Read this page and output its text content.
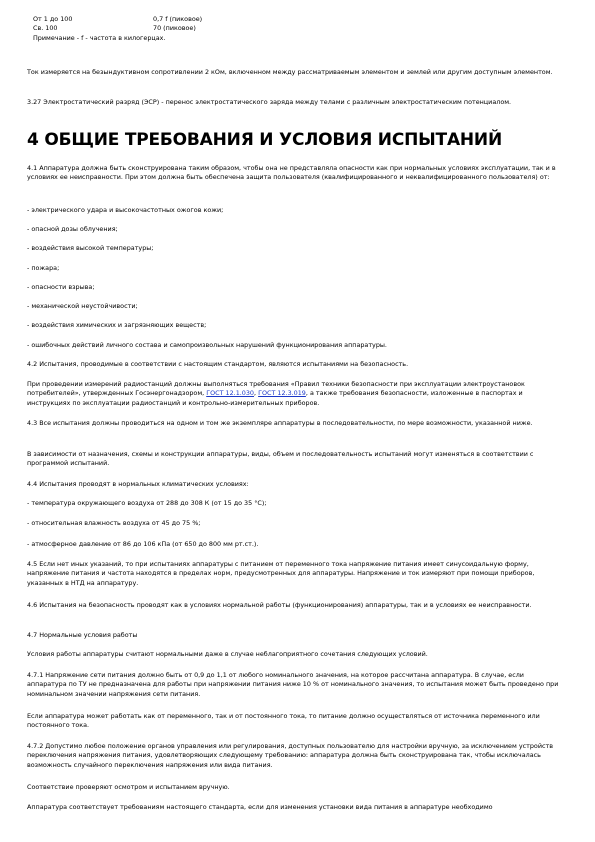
От 1 до 100	0,7 f (пиковое)
Св. 100	70 (пиковое)
Примечание - f - частота в килогерцах.

Ток измеряется на безындуктивном сопротивлении 2 кОм, включенном между рассматриваемым элементом и землей или другим доступным элементом.

3.27 Электростатический разряд (ЭСР) - перенос электростатического заряда между телами с различным электростатическим потенциалом.

4 ОБЩИЕ ТРЕБОВАНИЯ И УСЛОВИЯ ИСПЫТАНИЙ

4.1 Аппаратура должна быть сконструирована таким образом, чтобы она не представляла опасности как при нормальных условиях эксплуатации, так и в условиях ее неисправности. При этом должна быть обеспечена защита пользователя (квалифицированного и неквалифицированного пользователя) от:

- электрического удара и высокочастотных ожогов кожи;

- опасной дозы облучения;

- воздействия высокой температуры;

- пожара;

- опасности взрыва;

- механической неустойчивости;

- воздействия химических и загрязняющих веществ;

- ошибочных действий личного состава и самопроизвольных нарушений функционирования аппаратуры.

4.2 Испытания, проводимые в соответствии с настоящим стандартом, являются испытаниями на безопасность.

При проведении измерений радиостанций должны выполняться требования «Правил техники безопасности при эксплуатации электроустановок потребителей», утвержденных Госэнергонадзором, ГОСТ 12.1.030, ГОСТ 12.3.019, а также требования безопасности, изложенные в паспортах и инструкциях по эксплуатации радиостанций и контрольно-измерительных приборов.

4.3 Все испытания должны проводиться на одном и том же экземпляре аппаратуры в последовательности, по мере возможности, указанной ниже.

В зависимости от назначения, схемы и конструкции аппаратуры, виды, объем и последовательность испытаний могут изменяться в соответствии с программой испытаний.

4.4 Испытания проводят в нормальных климатических условиях:

- температура окружающего воздуха от 288 до 308 К (от 15 до 35 °С);

- относительная влажность воздуха от 45 до 75 %;

- атмосферное давление от 86 до 106 кПа (от 650 до 800 мм рт.ст.).

4.5 Если нет иных указаний, то при испытаниях аппаратуры с питанием от переменного тока напряжение питания имеет синусоидальную форму, напряжение питания и частота находятся в пределах норм, предусмотренных для аппаратуры. Напряжение и ток измеряют при помощи приборов, указанных в НТД на аппаратуру.

4.6 Испытания на безопасность проводят как в условиях нормальной работы (функционирования) аппаратуры, так и в условиях ее неисправности.

4.7 Нормальные условия работы

Условия работы аппаратуры считают нормальными даже в случае неблагоприятного сочетания следующих условий.

4.7.1 Напряжение сети питания должно быть от 0,9 до 1,1 от любого номинального значения, на которое рассчитана аппаратура. В случае, если аппаратура по ТУ не предназначена для работы при напряжении питания ниже 10 % от номинального значения, то испытания может быть проведено при номинальном значении напряжения сети питания.

Если аппаратура может работать как от переменного, так и от постоянного тока, то питание должно осуществляться от источника переменного или постоянного тока.

4.7.2 Допустимо любое положение органов управления или регулирования, доступных пользователю для настройки вручную, за исключением устройств переключения напряжения питания, удовлетворяющих следующему требованию: аппаратура должна быть сконструирована так, чтобы исключалась возможность случайного переключения напряжения или вида питания.

Соответствие проверяют осмотром и испытанием вручную.

Аппаратура соответствует требованиям настоящего стандарта, если для изменения установки вида питания в аппаратуре необходимо
